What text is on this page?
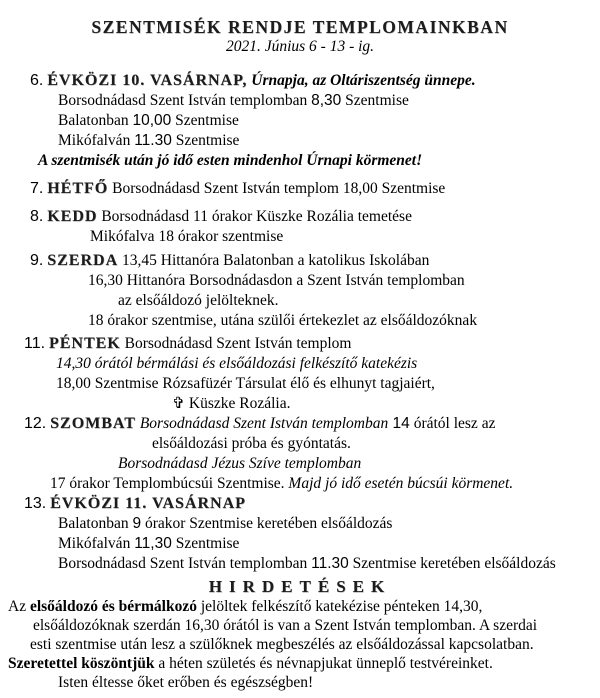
SZENTMISÉK RENDJE TEMPLOMAINKBAN
2021. Június 6 - 13 - ig.
6. ÉVKÖZI 10. VASÁRNAP, Úrnapja, az Oltáriszentség ünnepe.
Borsodnádasd Szent István templomban 8,30 Szentmise
Balatonban 10,00 Szentmise
Mikófalván 11.30 Szentmise
A szentmisék után jó idő esten mindenhol Úrnapi körmenet!
7. HÉTFŐ Borsodnádasd Szent István templom 18,00 Szentmise
8. KEDD Borsodnádasd 11 órakor Küszke Rozália temetése
Mikófalva 18 órakor szentmise
9. SZERDA 13,45 Hittanóra Balatonban a katolikus Iskolában
16,30 Hittanóra Borsodnádasdon a Szent István templomban
az elsőáldozó jelölteknek.
18 órakor szentmise, utána szülői értekezlet az elsőáldozóknak
11. PÉNTEK Borsodnádasd Szent István templom
14,30 órától bérmálási és elsőáldozási felkészítő katekézis
18,00 Szentmise Rózsafüzér Társulat élő és elhunyt tagjaiért,
✞ Küszke Rozália.
12. SZOMBAT Borsodnádasd Szent István templomban 14 órától lesz az
elsőáldozási próba és gyóntatás.
Borsodnádasd Jézus Szíve templomban
17 órakor Templombúcsúi Szentmise. Majd jó idő esetén búcsúi körmenet.
13. ÉVKÖZI 11. VASÁRNAP
Balatonban 9 órakor Szentmise keretében elsőáldozás
Mikófalván 11,30 Szentmise
Borsodnádasd Szent István templomban 11.30 Szentmise keretében elsőáldozás
HIRDETÉSEK
Az elsőáldozó és bérmálkozó jelöltek felkészítő katekézise pénteken 14,30,
elsőáldozóknak szerdán 16,30 órától is van a Szent István templomban. A szerdai
esti szentmise után lesz a szülőknek megbeszélés az elsőáldozással kapcsolatban.
Szeretettel köszöntjük a héten születés és névnapjukat ünneplő testvéreinket.
Isten éltesse őket erőben és egészségben!
